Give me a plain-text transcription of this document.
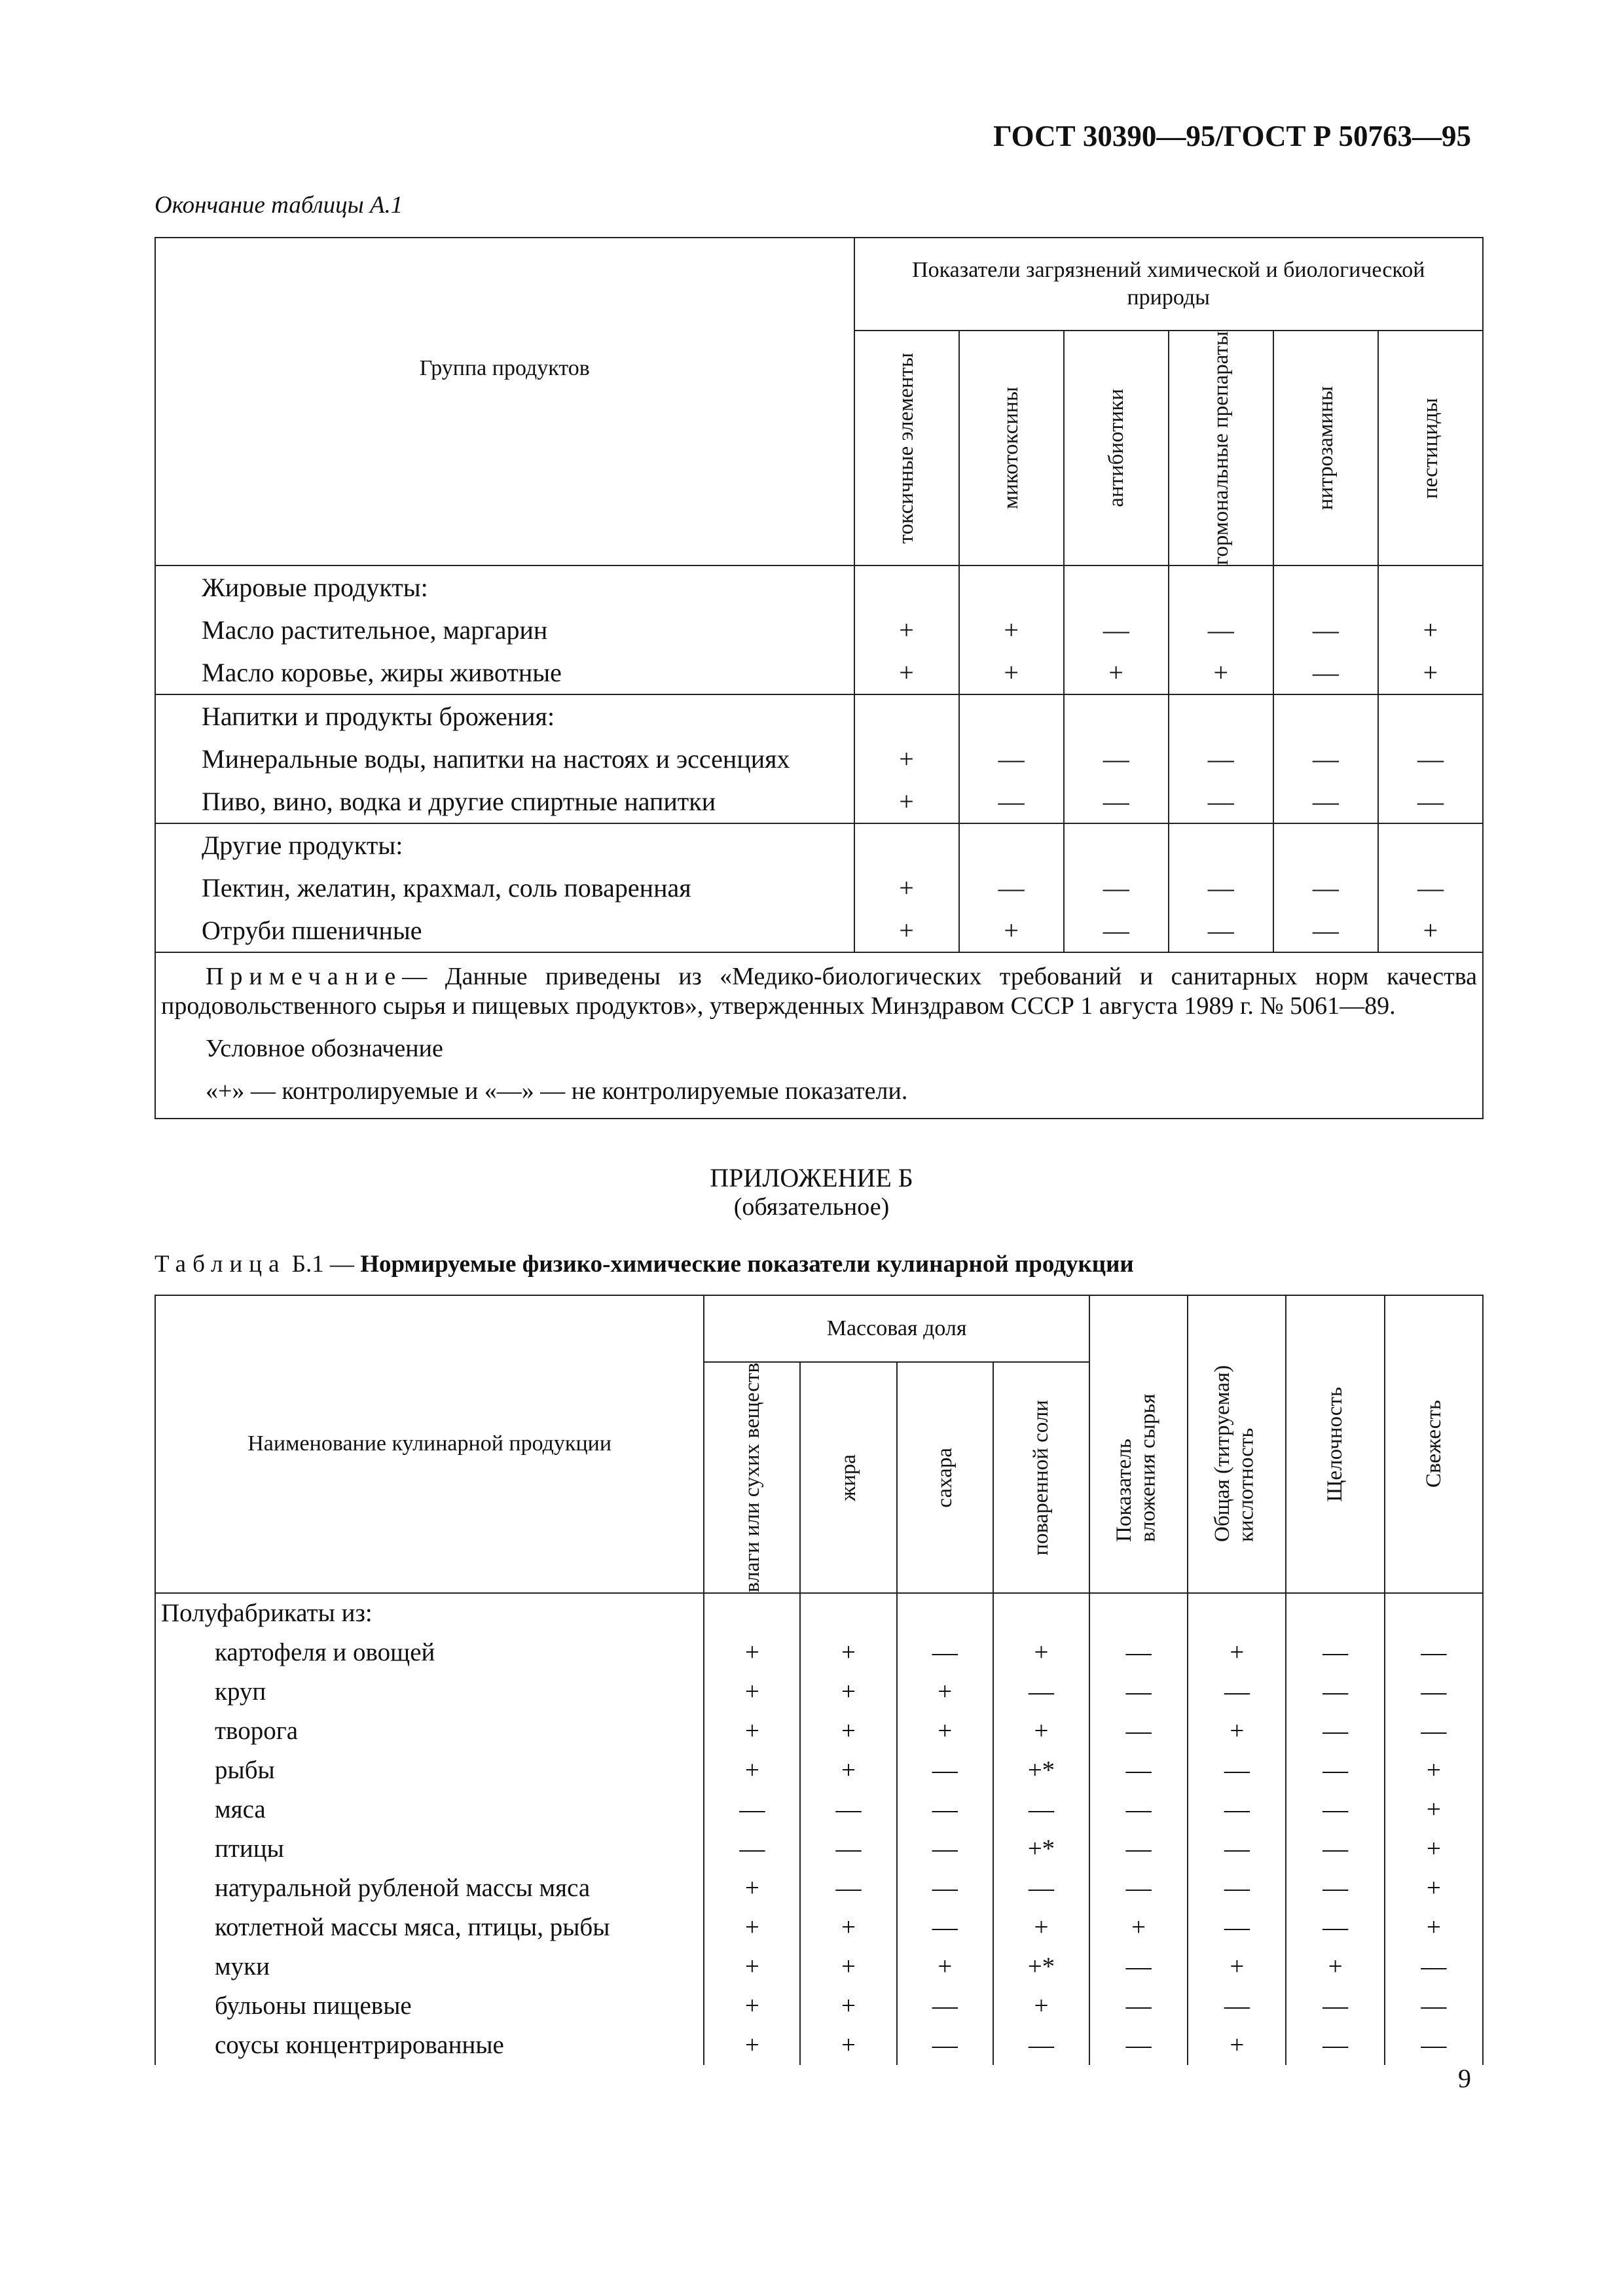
ГОСТ 30390—95/ГОСТ Р 50763—95
Окончание таблицы А.1
Группа продуктов	Показатели загрязнений химической и биологической природы					

	токсичные элементы	микотоксины	антибиотики	гормональные препараты	нитрозамины	пестициды

Жировые продукты:						
Масло растительное, маргарин	+	+	—	—	—	+
Масло коровье, жиры животные	+	+	+	+	—	+
Напитки и продукты брожения:						
Минеральные воды, напитки на настоях и эссенциях	+	—	—	—	—	—
Пиво, вино, водка и другие спиртные напитки	+	—	—	—	—	—
Другие продукты:						
Пектин, желатин, крахмал, соль поваренная	+	—	—	—	—	—
Отруби пшеничные	+	+	—	—	—	+

Примечание— Данные приведены из «Медико-биологических требований и санитарных норм качества продовольственного сырья и пищевых продуктов», утвержденных Минздравом СССР 1 августа 1989 г. № 5061—89.

Условное обозначение

«+» — контролируемые и «—» — не контролируемые показатели.						

ПРИЛОЖЕНИЕ Б
(обязательное)
Таблица Б.1 — Нормируемые физико-химические показатели кулинарной продукции
Наименование кулинарной продукции	Массовая доля				Показатель вложения сырья	Общая (титруемая) кислотность	Щелочность	Свежесть

	влаги или сухих веществ	жира	сахара	поваренной соли				

Полуфабрикаты из:								
картофеля и овощей	+	+	—	+	—	+	—	—
круп	+	+	+	—	—	—	—	—
творога	+	+	+	+	—	+	—	—
рыбы	+	+	—	+*	—	—	—	+
мяса	—	—	—	—	—	—	—	+
птицы	—	—	—	+*	—	—	—	+
натуральной рубленой массы мяса	+	—	—	—	—	—	—	+
котлетной массы мяса, птицы, рыбы	+	+	—	+	+	—	—	+
муки	+	+	+	+*	—	+	+	—
бульоны пищевые	+	+	—	+	—	—	—	—
соусы концентрированные	+	+	—	—	—	+	—	—
9
